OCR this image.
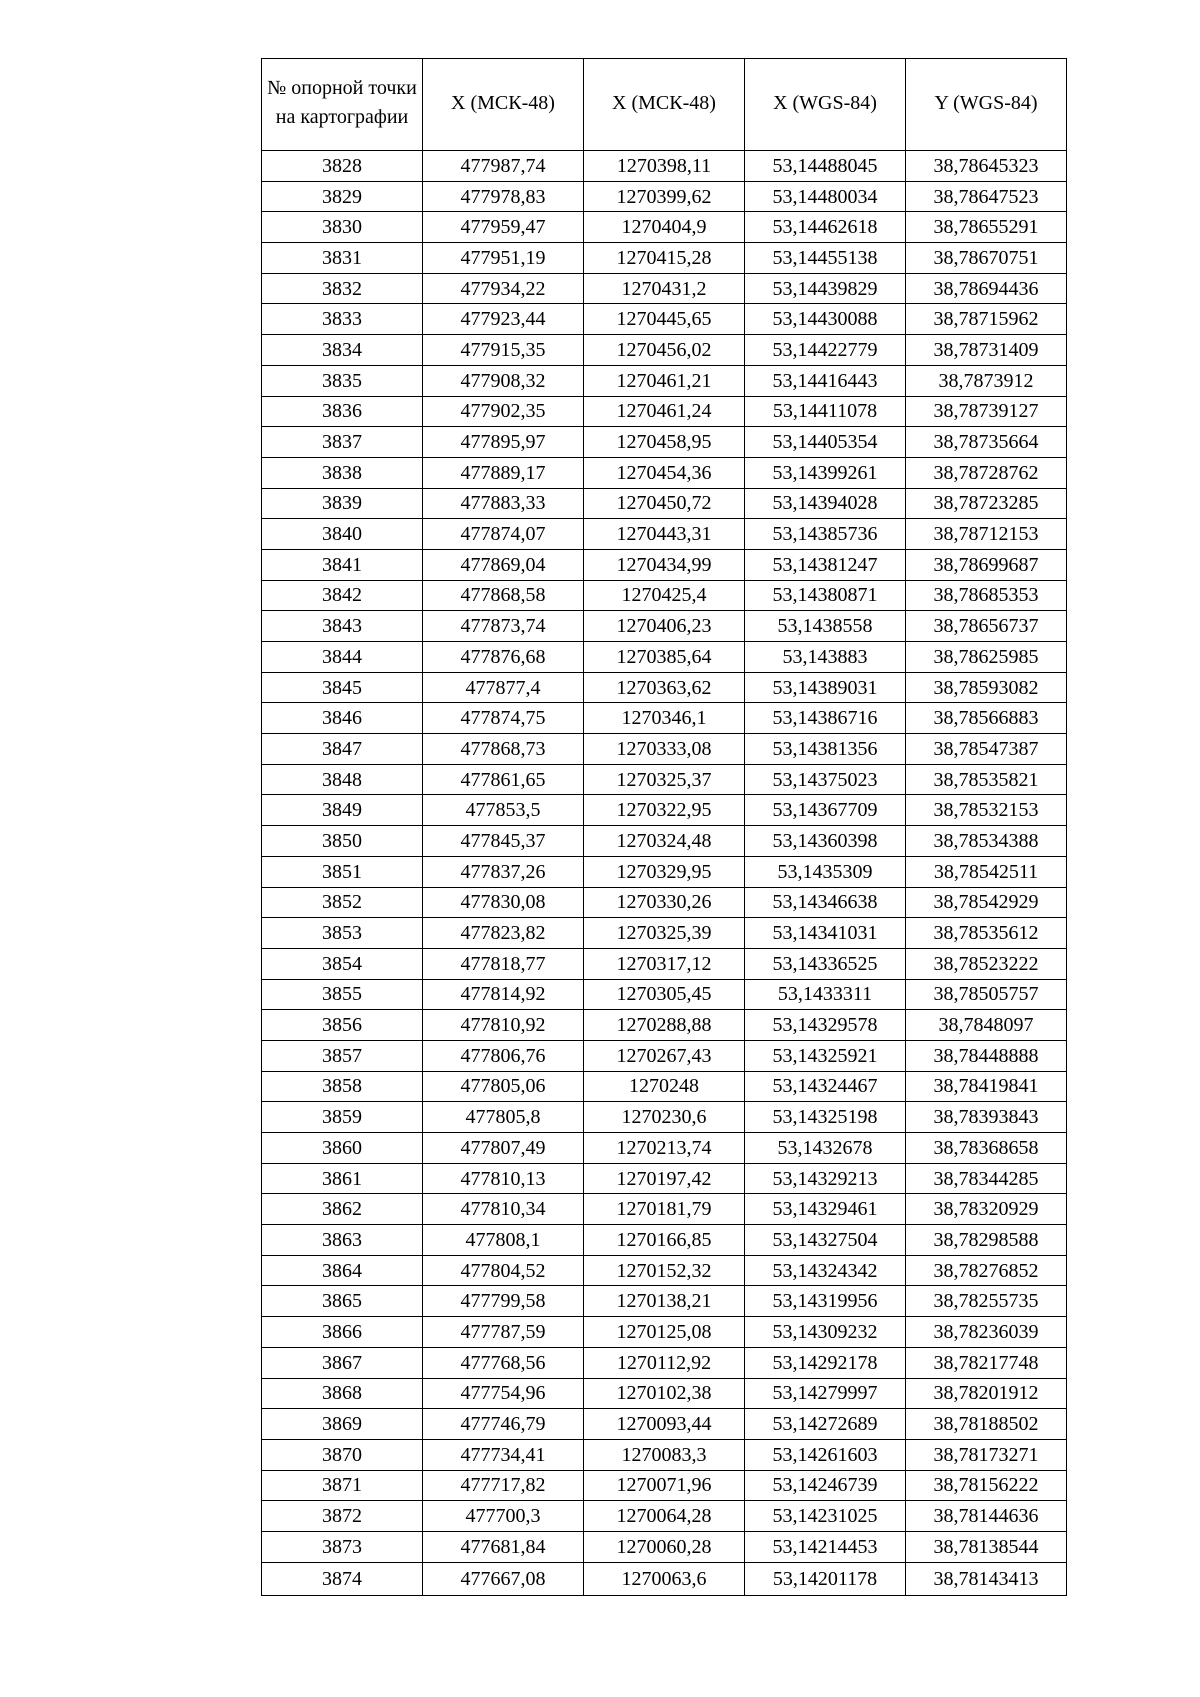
№ опорной точки на картографии	X (МСК-48)	X (МСК-48)	X (WGS-84)	Y (WGS-84)
3828	477987,74	1270398,11	53,14488045	38,78645323
3829	477978,83	1270399,62	53,14480034	38,78647523
3830	477959,47	1270404,9	53,14462618	38,78655291
3831	477951,19	1270415,28	53,14455138	38,78670751
3832	477934,22	1270431,2	53,14439829	38,78694436
3833	477923,44	1270445,65	53,14430088	38,78715962
3834	477915,35	1270456,02	53,14422779	38,78731409
3835	477908,32	1270461,21	53,14416443	38,7873912
3836	477902,35	1270461,24	53,14411078	38,78739127
3837	477895,97	1270458,95	53,14405354	38,78735664
3838	477889,17	1270454,36	53,14399261	38,78728762
3839	477883,33	1270450,72	53,14394028	38,78723285
3840	477874,07	1270443,31	53,14385736	38,78712153
3841	477869,04	1270434,99	53,14381247	38,78699687
3842	477868,58	1270425,4	53,14380871	38,78685353
3843	477873,74	1270406,23	53,1438558	38,78656737
3844	477876,68	1270385,64	53,143883	38,78625985
3845	477877,4	1270363,62	53,14389031	38,78593082
3846	477874,75	1270346,1	53,14386716	38,78566883
3847	477868,73	1270333,08	53,14381356	38,78547387
3848	477861,65	1270325,37	53,14375023	38,78535821
3849	477853,5	1270322,95	53,14367709	38,78532153
3850	477845,37	1270324,48	53,14360398	38,78534388
3851	477837,26	1270329,95	53,1435309	38,78542511
3852	477830,08	1270330,26	53,14346638	38,78542929
3853	477823,82	1270325,39	53,14341031	38,78535612
3854	477818,77	1270317,12	53,14336525	38,78523222
3855	477814,92	1270305,45	53,1433311	38,78505757
3856	477810,92	1270288,88	53,14329578	38,7848097
3857	477806,76	1270267,43	53,14325921	38,78448888
3858	477805,06	1270248	53,14324467	38,78419841
3859	477805,8	1270230,6	53,14325198	38,78393843
3860	477807,49	1270213,74	53,1432678	38,78368658
3861	477810,13	1270197,42	53,14329213	38,78344285
3862	477810,34	1270181,79	53,14329461	38,78320929
3863	477808,1	1270166,85	53,14327504	38,78298588
3864	477804,52	1270152,32	53,14324342	38,78276852
3865	477799,58	1270138,21	53,14319956	38,78255735
3866	477787,59	1270125,08	53,14309232	38,78236039
3867	477768,56	1270112,92	53,14292178	38,78217748
3868	477754,96	1270102,38	53,14279997	38,78201912
3869	477746,79	1270093,44	53,14272689	38,78188502
3870	477734,41	1270083,3	53,14261603	38,78173271
3871	477717,82	1270071,96	53,14246739	38,78156222
3872	477700,3	1270064,28	53,14231025	38,78144636
3873	477681,84	1270060,28	53,14214453	38,78138544
3874	477667,08	1270063,6	53,14201178	38,78143413
